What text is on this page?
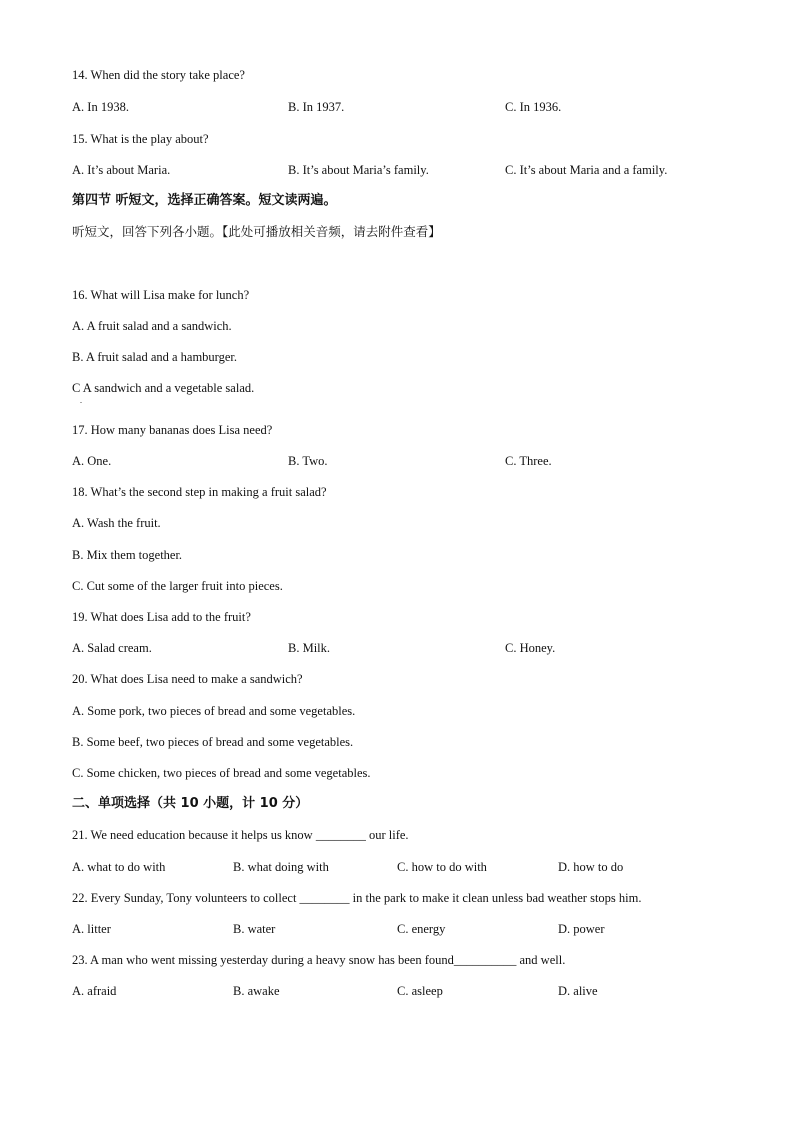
14. When did the story take place?
A. In 1938.	B. In 1937.	C. In 1936.
15. What is the play about?
A. It’s about Maria.	B. It’s about Maria’s family.	C. It’s about Maria and a family.
第四节 听短文，选择正确答案。短文读两遍。
听短文，回答下列各小题。【此处可播放相关音频，请去附件查看】
16. What will Lisa make for lunch?
A. A fruit salad and a sandwich.
B. A fruit salad and a hamburger.
C A sandwich and a vegetable salad.
.
17. How many bananas does Lisa need?
A. One.	B. Two.	C. Three.
18. What’s the second step in making a fruit salad?
A. Wash the fruit.
B. Mix them together.
C. Cut some of the larger fruit into pieces.
19. What does Lisa add to the fruit?
A. Salad cream.	B. Milk.	C. Honey.
20. What does Lisa need to make a sandwich?
A. Some pork, two pieces of bread and some vegetables.
B. Some beef, two pieces of bread and some vegetables.
C. Some chicken, two pieces of bread and some vegetables.
二、单项选择（共 10 小题，计 10 分）
21. We need education because it helps us know ________ our life.
A. what to do with	B. what doing with	C. how to do with	D. how to do
22. Every Sunday, Tony volunteers to collect ________ in the park to make it clean unless bad weather stops him.
A. litter	B. water	C. energy	D. power
23. A man who went missing yesterday during a heavy snow has been found__________ and well.
A. afraid	B. awake	C. asleep	D. alive
